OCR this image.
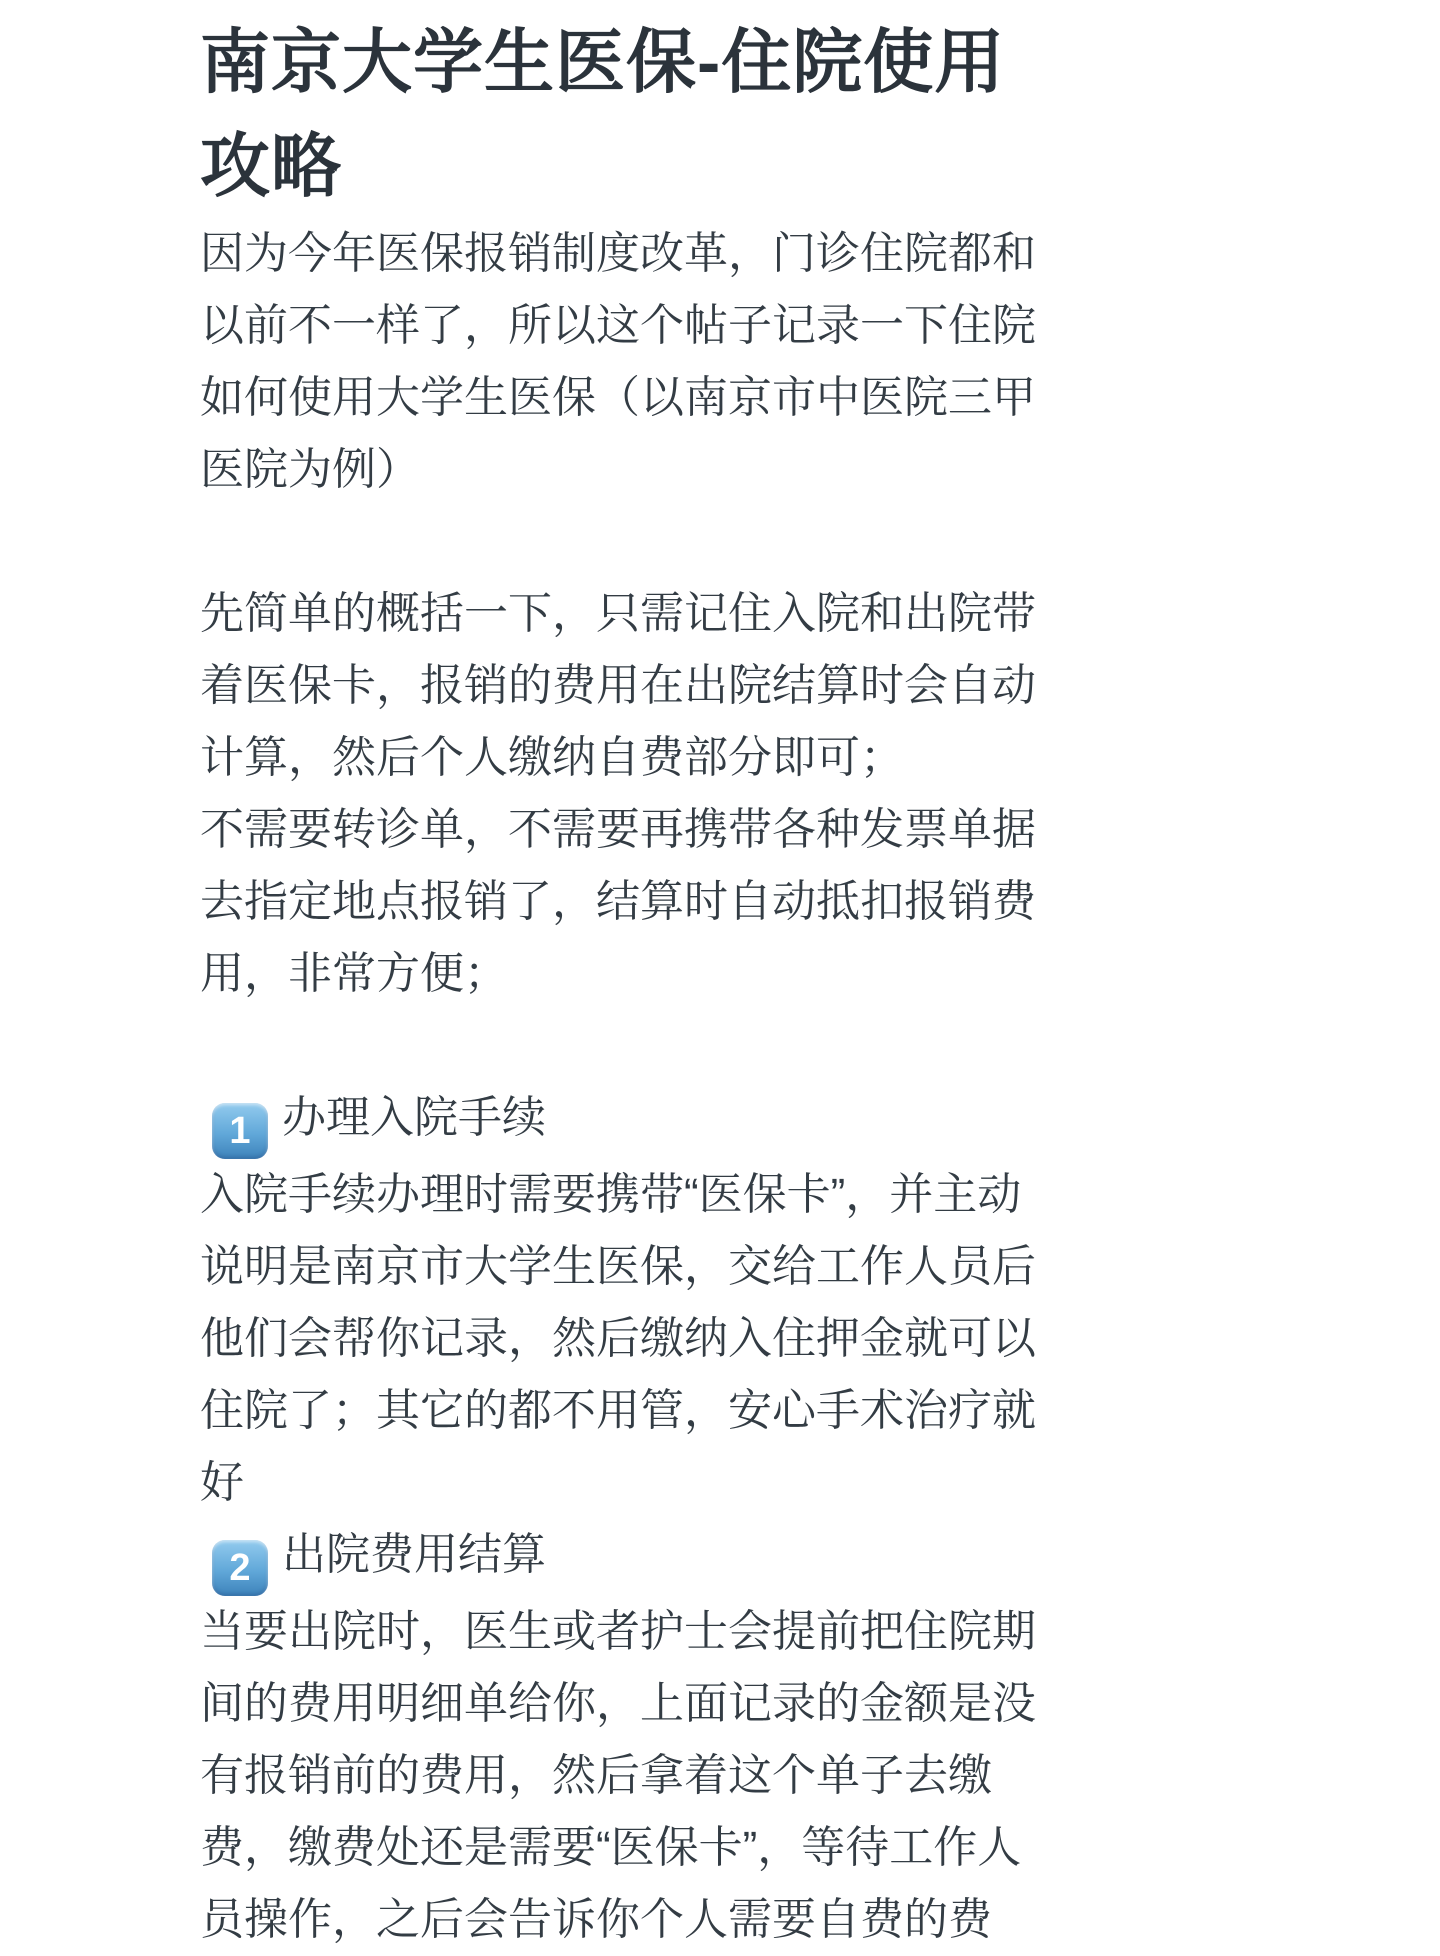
南京大学生医保-住院使用
攻略
因为今年医保报销制度改革，门诊住院都和
以前不一样了，所以这个帖子记录一下住院
如何使用大学生医保（以南京市中医院三甲
医院为例）
先简单的概括一下，只需记住入院和出院带
着医保卡，报销的费用在出院结算时会自动
计算，然后个人缴纳自费部分即可；
不需要转诊单，不需要再携带各种发票单据
去指定地点报销了，结算时自动抵扣报销费
用，非常方便；
1 办理入院手续
入院手续办理时需要携带“医保卡”，并主动
说明是南京市大学生医保，交给工作人员后
他们会帮你记录，然后缴纳入住押金就可以
住院了；其它的都不用管，安心手术治疗就
好
2 出院费用结算
当要出院时，医生或者护士会提前把住院期
间的费用明细单给你，上面记录的金额是没
有报销前的费用，然后拿着这个单子去缴
费，缴费处还是需要“医保卡”，等待工作人
员操作，之后会告诉你个人需要自费的费
